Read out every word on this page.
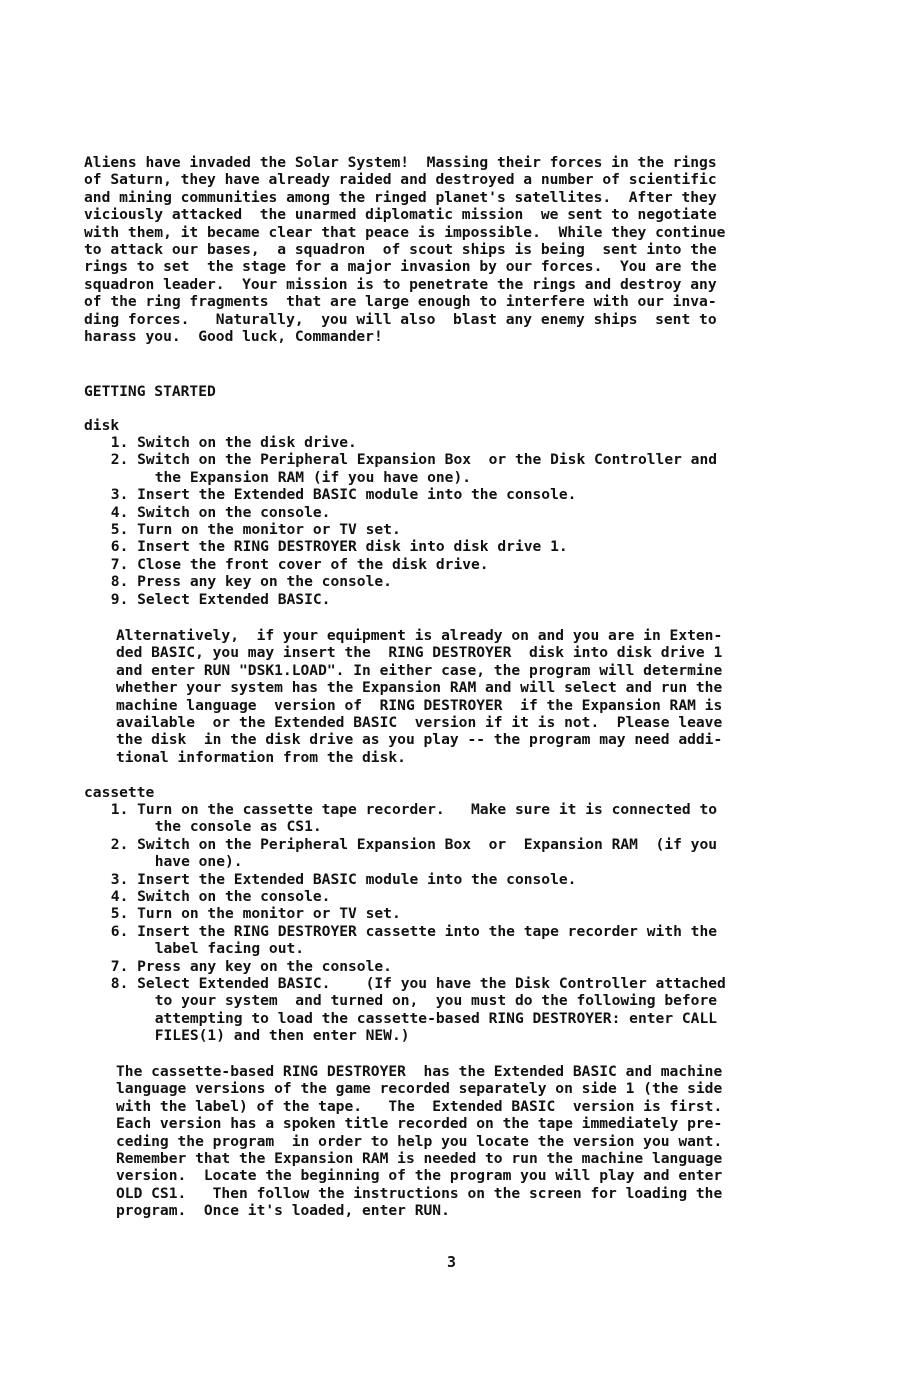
Aliens have invaded the Solar System!  Massing their forces in the rings
of Saturn, they have already raided and destroyed a number of scientific
and mining communities among the ringed planet's satellites.  After they
viciously attacked  the unarmed diplomatic mission  we sent to negotiate
with them, it became clear that peace is impossible.  While they continue
to attack our bases,  a squadron  of scout ships is being  sent into the
rings to set  the stage for a major invasion by our forces.  You are the
squadron leader.  Your mission is to penetrate the rings and destroy any
of the ring fragments  that are large enough to interfere with our inva-
ding forces.   Naturally,  you will also  blast any enemy ships  sent to
harass you.  Good luck, Commander!

GETTING STARTED

disk

1. Switch on the disk drive.
2. Switch on the Peripheral Expansion Box  or the Disk Controller and
the Expansion RAM (if you have one).
3. Insert the Extended BASIC module into the console.
4. Switch on the console.
5. Turn on the monitor or TV set.
6. Insert the RING DESTROYER disk into disk drive 1.
7. Close the front cover of the disk drive.
8. Press any key on the console.
9. Select Extended BASIC.

Alternatively,  if your equipment is already on and you are in Exten-
ded BASIC, you may insert the  RING DESTROYER  disk into disk drive 1
and enter RUN "DSK1.LOAD". In either case, the program will determine
whether your system has the Expansion RAM and will select and run the
machine language  version of  RING DESTROYER  if the Expansion RAM is
available  or the Extended BASIC  version if it is not.  Please leave
the disk  in the disk drive as you play -- the program may need addi-
tional information from the disk.

cassette

1. Turn on the cassette tape recorder.   Make sure it is connected to
the console as CS1.
2. Switch on the Peripheral Expansion Box  or  Expansion RAM  (if you
have one).
3. Insert the Extended BASIC module into the console.
4. Switch on the console.
5. Turn on the monitor or TV set.
6. Insert the RING DESTROYER cassette into the tape recorder with the
label facing out.
7. Press any key on the console.
8. Select Extended BASIC.    (If you have the Disk Controller attached
to your system  and turned on,  you must do the following before
attempting to load the cassette-based RING DESTROYER: enter CALL
FILES(1) and then enter NEW.)

The cassette-based RING DESTROYER  has the Extended BASIC and machine
language versions of the game recorded separately on side 1 (the side
with the label) of the tape.   The  Extended BASIC  version is first.
Each version has a spoken title recorded on the tape immediately pre-
ceding the program  in order to help you locate the version you want.
Remember that the Expansion RAM is needed to run the machine language
version.  Locate the beginning of the program you will play and enter
OLD CS1.   Then follow the instructions on the screen for loading the
program.  Once it's loaded, enter RUN.

3
